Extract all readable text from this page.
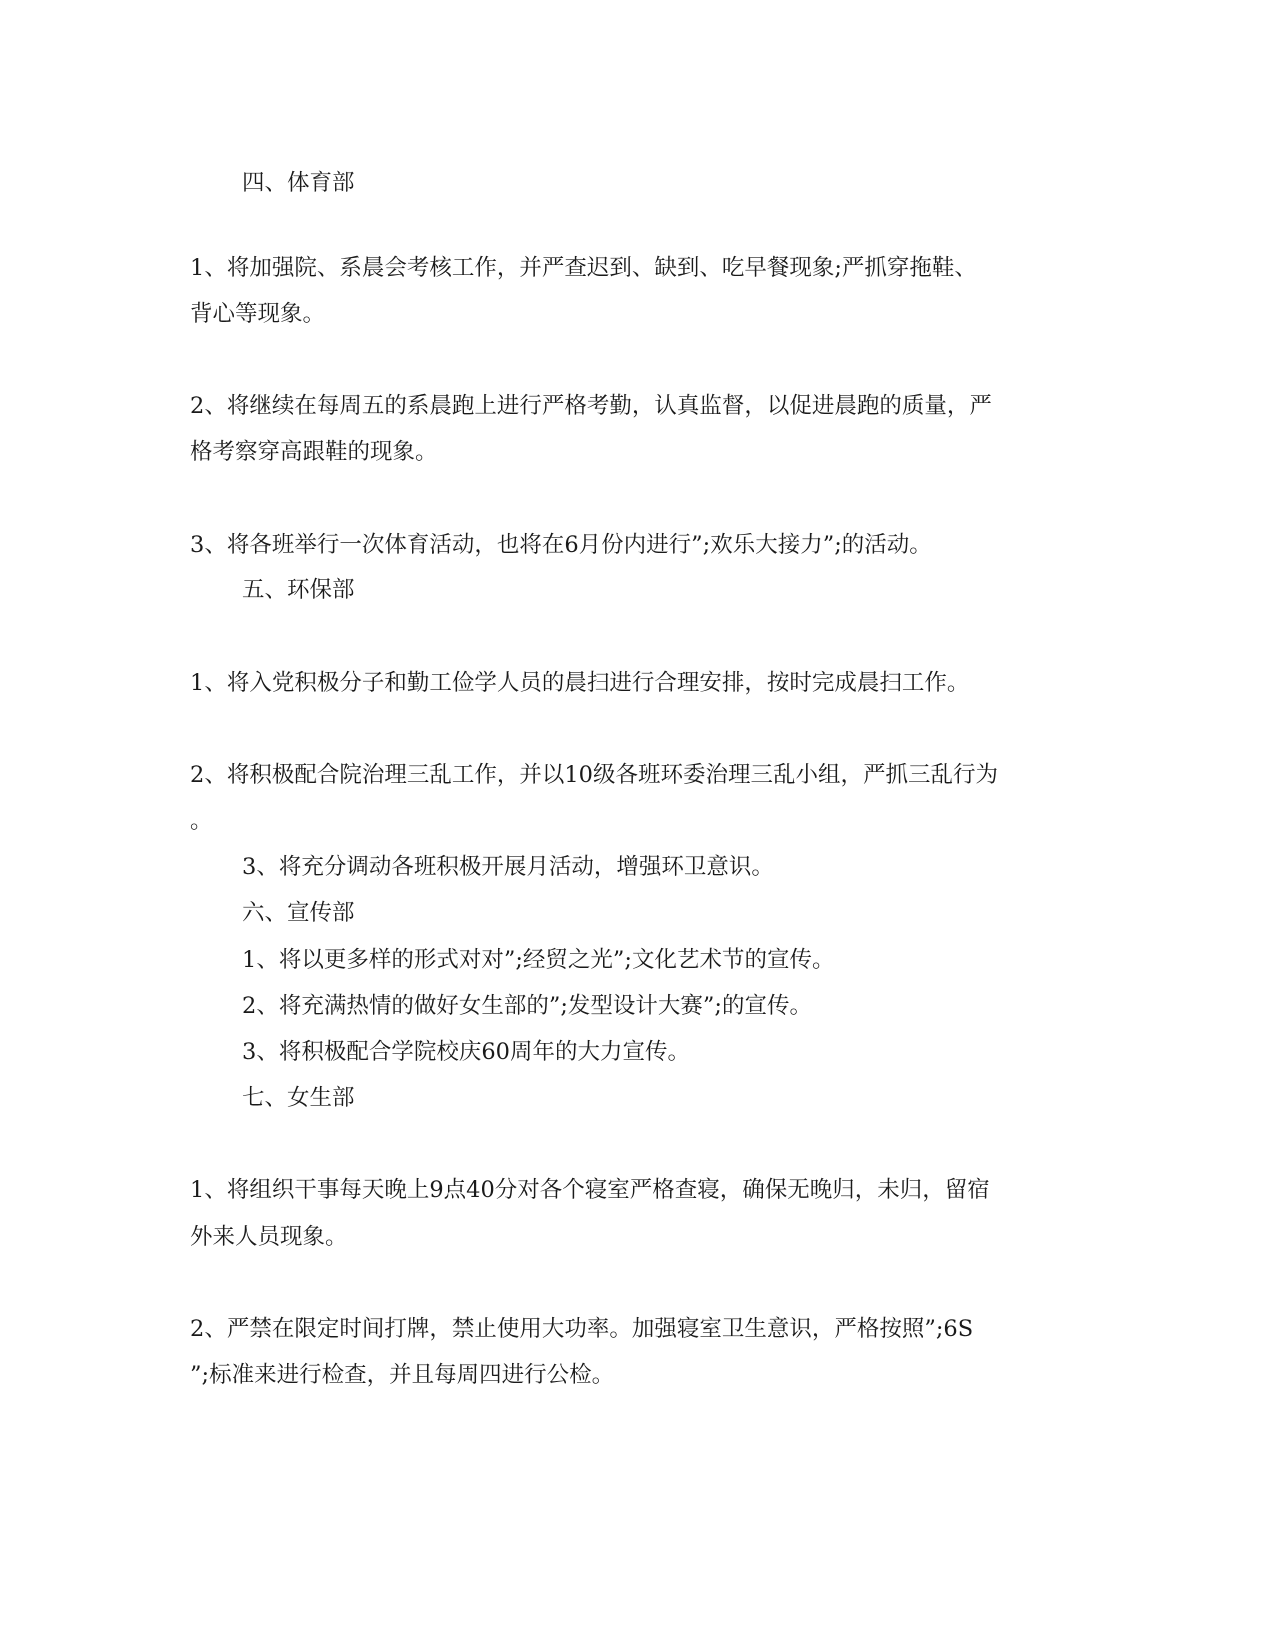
四、体育部

1、将加强院、系晨会考核工作，并严查迟到、缺到、吃早餐现象;严抓穿拖鞋、

背心等现象。

2、将继续在每周五的系晨跑上进行严格考勤，认真监督，以促进晨跑的质量，严

格考察穿高跟鞋的现象。

3、将各班举行一次体育活动，也将在6月份内进行”;欢乐大接力”;的活动。

五、环保部

1、将入党积极分子和勤工俭学人员的晨扫进行合理安排，按时完成晨扫工作。

2、将积极配合院治理三乱工作，并以10级各班环委治理三乱小组，严抓三乱行为

。

3、将充分调动各班积极开展月活动，增强环卫意识。

六、宣传部

1、将以更多样的形式对对”;经贸之光”;文化艺术节的宣传。

2、将充满热情的做好女生部的”;发型设计大赛”;的宣传。

3、将积极配合学院校庆60周年的大力宣传。

七、女生部

1、将组织干事每天晚上9点40分对各个寝室严格查寝，确保无晚归，未归，留宿

外来人员现象。

2、严禁在限定时间打牌，禁止使用大功率。加强寝室卫生意识，严格按照”;6S

”;标准来进行检查，并且每周四进行公检。
